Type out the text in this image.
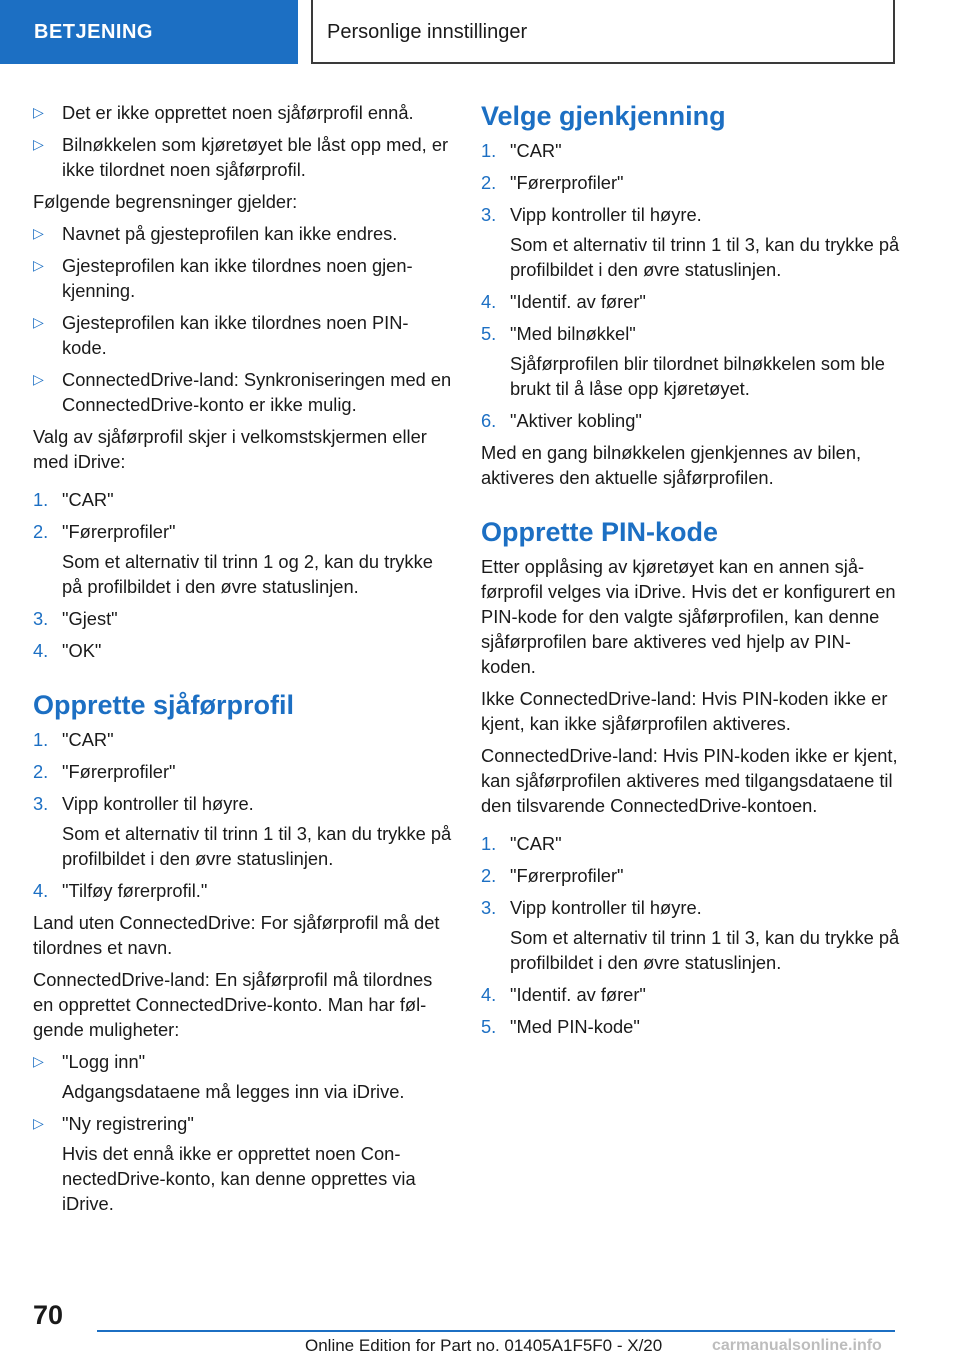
BETJENING	Personlige innstillinger
▷ Det er ikke opprettet noen sjåførprofil ennå.
▷ Bilnøkkelen som kjøretøyet ble låst opp med, er ikke tilordnet noen sjåførprofil.

Følgende begrensninger gjelder:

▷ Navnet på gjesteprofilen kan ikke endres.
▷ Gjesteprofilen kan ikke tilordnes noen gjenkjenning.
▷ Gjesteprofilen kan ikke tilordnes noen PIN-kode.
▷ ConnectedDrive-land: Synkroniseringen med en ConnectedDrive-konto er ikke mulig.

Valg av sjåførprofil skjer i velkomstskjermen eller med iDrive:

1. "CAR"
2. "Førerprofiler"
Som et alternativ til trinn 1 og 2, kan du trykke på profilbildet i den øvre statuslinjen.
3. "Gjest"
4. "OK"
Opprette sjåførprofil
1. "CAR"
2. "Førerprofiler"
3. Vipp kontroller til høyre.
Som et alternativ til trinn 1 til 3, kan du trykke på profilbildet i den øvre statuslinjen.
4. "Tilføy førerprofil."

Land uten ConnectedDrive: For sjåførprofil må det tilordnes et navn.

ConnectedDrive-land: En sjåførprofil må tilordnes en opprettet ConnectedDrive-konto. Man har følgende muligheter:

▷ "Logg inn"
Adgangsdataene må legges inn via iDrive.
▷ "Ny registrering"
Hvis det ennå ikke er opprettet noen ConnectedDrive-konto, kan denne opprettes via iDrive.
Velge gjenkjenning
1. "CAR"
2. "Førerprofiler"
3. Vipp kontroller til høyre.
Som et alternativ til trinn 1 til 3, kan du trykke på profilbildet i den øvre statuslinjen.
4. "Identif. av fører"
5. "Med bilnøkkel"
Sjåførprofilen blir tilordnet bilnøkkelen som ble brukt til å låse opp kjøretøyet.
6. "Aktiver kobling"

Med en gang bilnøkkelen gjenkjennes av bilen, aktiveres den aktuelle sjåførprofilen.

Opprette PIN-kode

Etter opplåsing av kjøretøyet kan en annen sjåførprofil velges via iDrive. Hvis det er konfigurert en PIN-kode for den valgte sjåførprofilen, kan denne sjåførprofilen bare aktiveres ved hjelp av PIN-koden.

Ikke ConnectedDrive-land: Hvis PIN-koden ikke er kjent, kan ikke sjåførprofilen aktiveres.

ConnectedDrive-land: Hvis PIN-koden ikke er kjent, kan sjåførprofilen aktiveres med tilgangsdataene til den tilsvarende ConnectedDrive-kontoen.

1. "CAR"
2. "Førerprofiler"
3. Vipp kontroller til høyre.
Som et alternativ til trinn 1 til 3, kan du trykke på profilbildet i den øvre statuslinjen.
4. "Identif. av fører"
5. "Med PIN-kode"
70
Online Edition for Part no. 01405A1F5F0 - X/20	carmanualsonline.info
